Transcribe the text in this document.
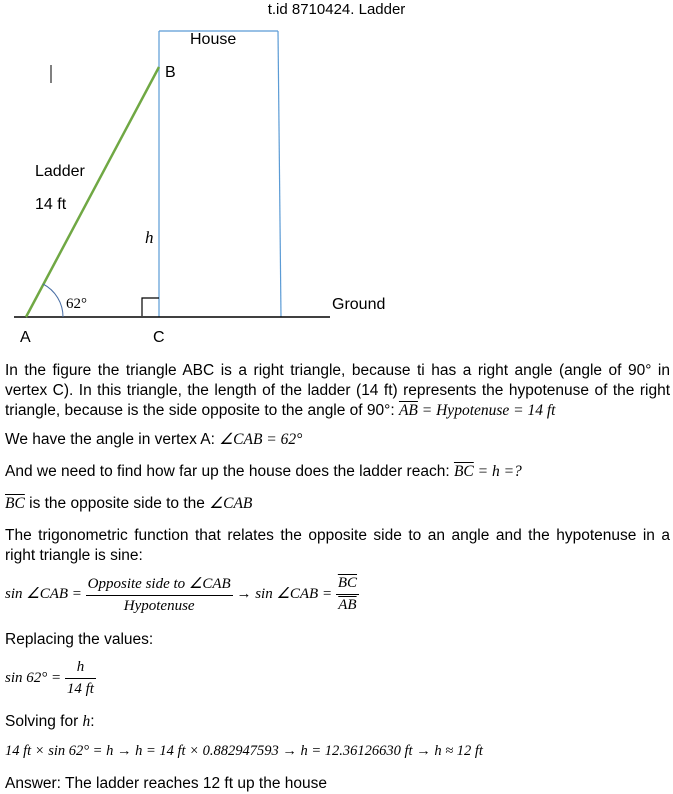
t.id 8710424. Ladder
House
B
Ladder
14 ft
h
62°	Ground
A	C
In the figure the triangle ABC is a right triangle, because ti has a right angle (angle of 90° in vertex C). In this triangle, the length of the ladder (14 ft) represents the hypotenuse of the right triangle, because is the side opposite to the angle of 90°: $\overline{AB}$ = Hypotenuse = 14 ft
We have the angle in vertex A: ∠CAB = 62°
And we need to find how far up the house does the ladder reach: $\overline{BC} = h$ =?
$\overline{BC}$ is the opposite side to the ∠CAB
The trigonometric function that relates the opposite side to an angle and the hypotenuse in a right triangle is sine:
sin ∠CAB = $\frac{\text{Opposite side to ∠CAB}}{\text{Hypotenuse}} \to \sin$ ∠CAB = $\frac{\overline{BC}}{AB}$
Replacing the values:
$\sin 62^\circ = \frac{h}{14 ft}$
Solving for h:
14 ft × sin 62° = h → h = 14 ft × 0.882947593 → h = 12.36126630 ft → h ≈ 12 ft
Answer: The ladder reaches 12 ft up the house
